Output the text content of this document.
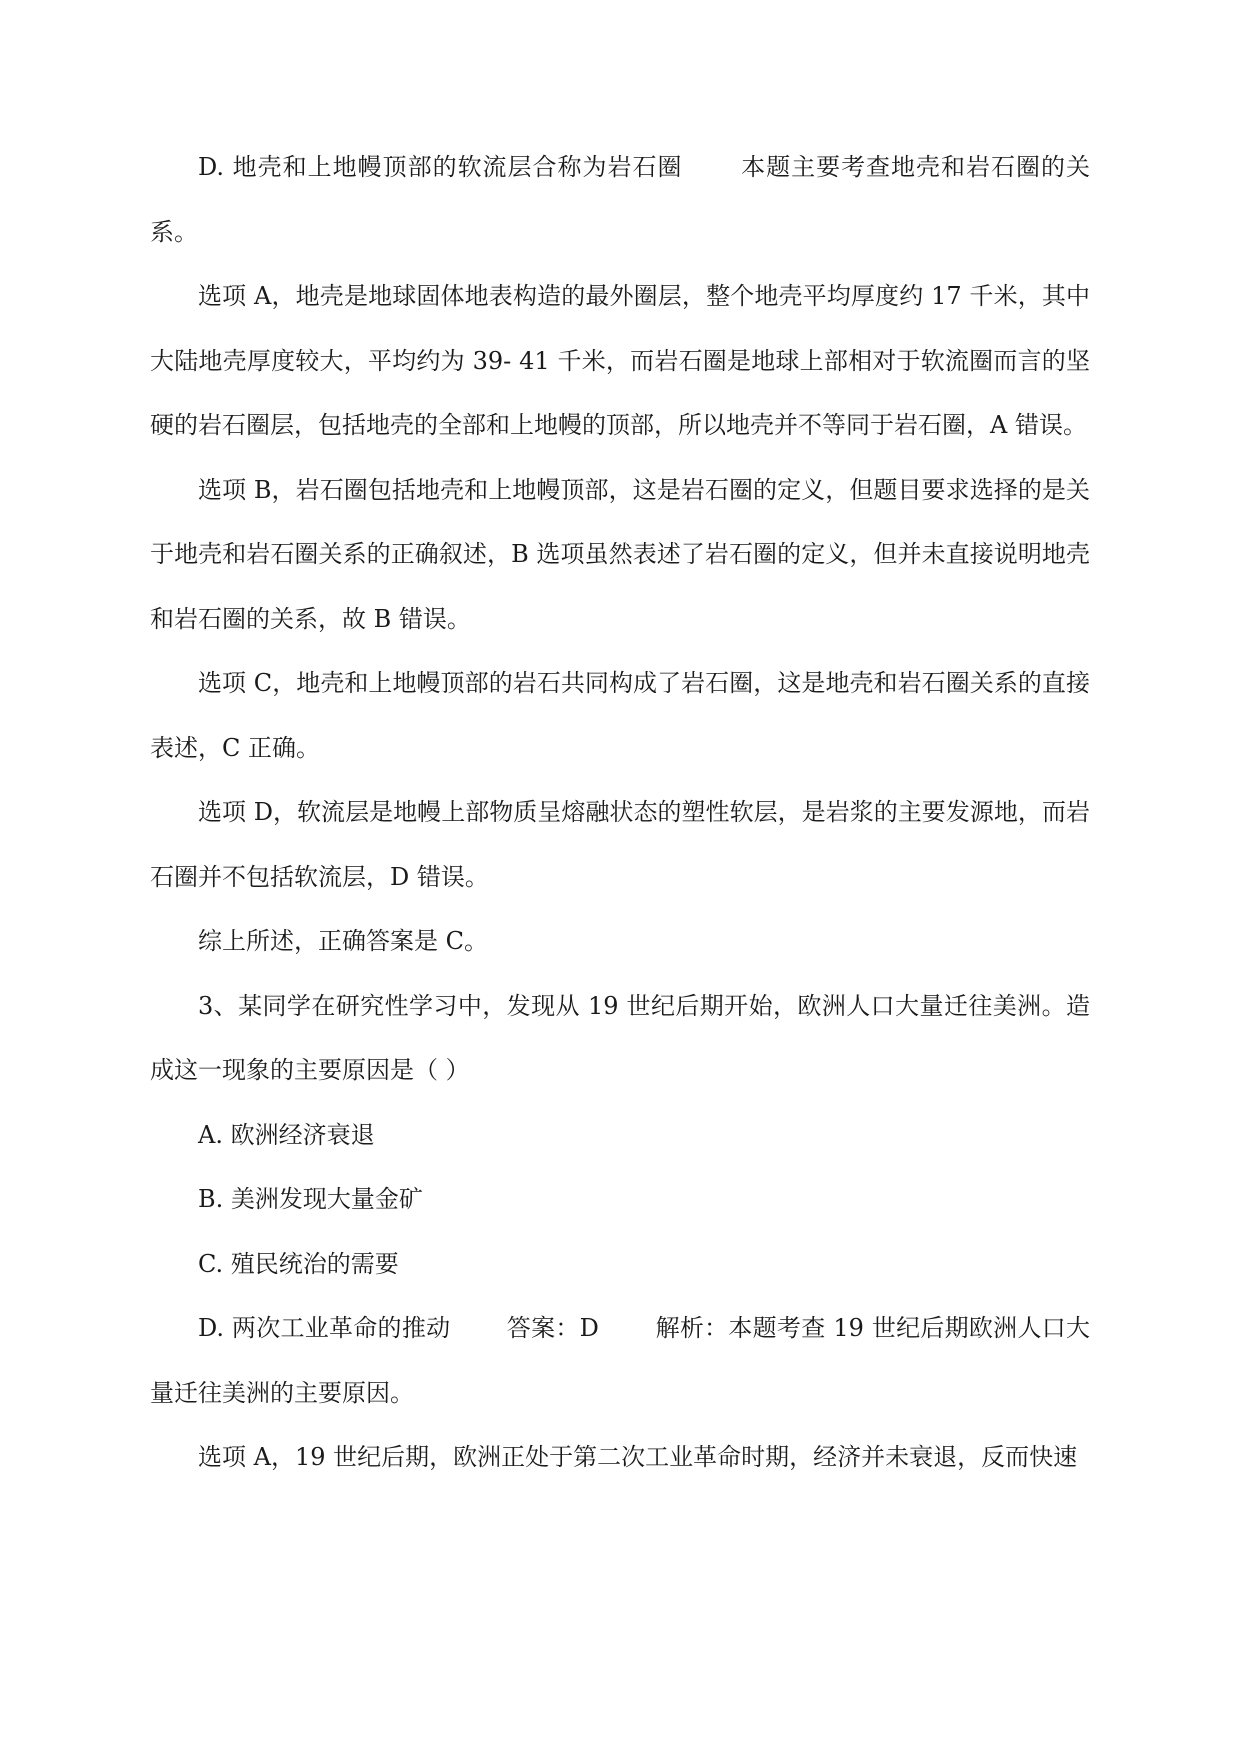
D. 地壳和上地幔顶部的软流层合称为岩石圈　　 本题主要考查地壳和岩石圈的关系。

选项 A，地壳是地球固体地表构造的最外圈层，整个地壳平均厚度约 17 千米，其中大陆地壳厚度较大，平均约为 39- 41 千米，而岩石圈是地球上部相对于软流圈而言的坚硬的岩石圈层，包括地壳的全部和上地幔的顶部，所以地壳并不等同于岩石圈，A 错误。

选项 B，岩石圈包括地壳和上地幔顶部，这是岩石圈的定义，但题目要求选择的是关于地壳和岩石圈关系的正确叙述，B 选项虽然表述了岩石圈的定义，但并未直接说明地壳和岩石圈的关系，故 B 错误。

选项 C，地壳和上地幔顶部的岩石共同构成了岩石圈，这是地壳和岩石圈关系的直接表述，C 正确。

选项 D，软流层是地幔上部物质呈熔融状态的塑性软层，是岩浆的主要发源地，而岩石圈并不包括软流层，D 错误。

综上所述，正确答案是 C。

3、某同学在研究性学习中，发现从 19 世纪后期开始，欧洲人口大量迁往美洲。造成这一现象的主要原因是（ ）

A. 欧洲经济衰退

B. 美洲发现大量金矿

C. 殖民统治的需要

D. 两次工业革命的推动　　 答案：D　　 解析：本题考查 19 世纪后期欧洲人口大量迁往美洲的主要原因。

选项 A，19 世纪后期，欧洲正处于第二次工业革命时期，经济并未衰退，反而快速
